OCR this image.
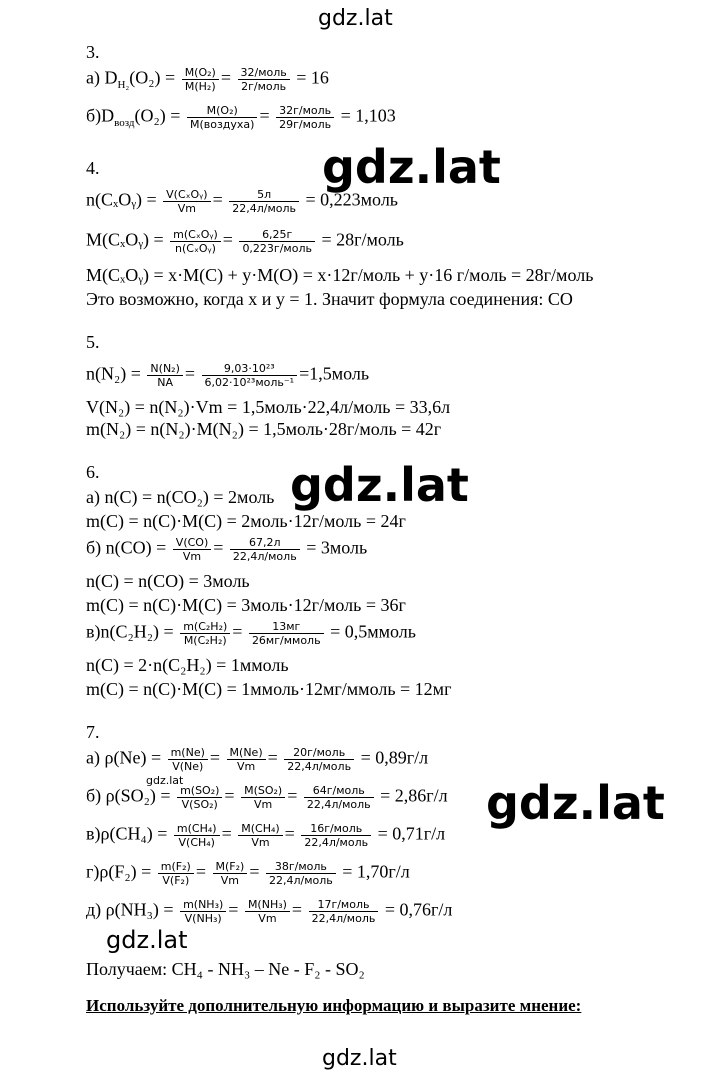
gdz.lat
gdz.lat
gdz.lat
gdz.lat
gdz.lat
gdz.lat
gdz.lat
3.
а) $D_{H_2}(O_2) = \frac{\text{M(O₂)}}{\text{M(H₂)}} = \frac{\text{32/моль}}{\text{2г/моль}} = 16$
$б)D_{возд}(O_2) = \frac{\text{M(O₂)}}{\text{M(воздуха)}} = \frac{\text{32г/моль}}{\text{29г/моль}} = 1,103$
4.
n(CₓOᵧ) = $\frac{\text{V(CₓOᵧ)}}{Vm} = \frac{5л}{\text{22,4л/моль}}$ = 0,223моль
M(CₓOᵧ) = $\frac{\text{m(CₓOᵧ)}}{\text{n(CₓOᵧ)}} = \frac{6,25г}{\text{0,223г/моль}}$ = 28г/моль
M(CₓOᵧ) = x·M(C) + y·M(O) = x·12г/моль + y·16 г/моль = 28г/моль
Это возможно, когда x и y = 1. Значит формула соединения: CO
5.
$n(N_2) = \frac{\text{N(N₂)}}{NA} = \frac{\text{9,03·10²³}}{\text{6,02·10²³моль⁻¹}}$ =1,5моль
V(N₂) = n(N₂)·Vm = 1,5моль·22,4л/моль = 33,6л
m(N₂) = n(N₂)·M(N₂) = 1,5моль·28г/моль = 42г
6.
а) n(C) = n(CO₂) = 2моль
m(C) = n(C)·M(C) = 2моль·12г/моль = 24г
б) $n(CO) = \frac{V(CO)}{Vm} = \frac{67,2л}{\text{22,4л/моль}}$ = 3моль
n(C) = n(CO) = 3моль
m(C) = n(C)·M(C) = 3моль·12г/моль = 36г
$в)n(C_2H_2) = \frac{\text{m(C₂H₂)}}{\text{M(C₂H₂)}} = \frac{13мг}{\text{26мг/ммоль}}$ = 0,5ммоль
n(C) = 2·n(C₂H₂) = 1ммоль
m(C) = n(C)·M(C) = 1ммоль·12мг/ммоль = 12мг
7.
а) $\rho(Ne) = \frac{m(Ne)}{V(Ne)} = \frac{M(Ne)}{Vm} = \frac{\text{20г/моль}}{\text{22,4л/моль}} = 0,89г/л$
б) $\rho(SO_2) = \frac{\text{m(SO₂)}}{\text{V(SO₂)}} = \frac{\text{M(SO₂)}}{Vm} = \frac{\text{64г/моль}}{\text{22,4л/моль}} = 2,86г/л$
$в)\rho(CH_4) = \frac{\text{m(CH₄)}}{\text{V(CH₄)}} = \frac{\text{M(CH₄)}}{Vm} = \frac{\text{16г/моль}}{\text{22,4л/моль}} = 0,71г/л$
$г)\rho(F_2) = \frac{\text{m(F₂)}}{\text{V(F₂)}} = \frac{\text{M(F₂)}}{Vm} = \frac{\text{38г/моль}}{\text{22,4л/моль}} = 1,70г/л$
д) $\rho(NH_3) = \frac{\text{m(NH₃)}}{\text{V(NH₃)}} = \frac{\text{M(NH₃)}}{Vm} = \frac{\text{17г/моль}}{\text{22,4л/моль}} = 0,76г/л$
Получаем: CH₄ - NH₃ – Ne - F₂ - SO₂
Используйте дополнительную информацию и выразите мнение:
